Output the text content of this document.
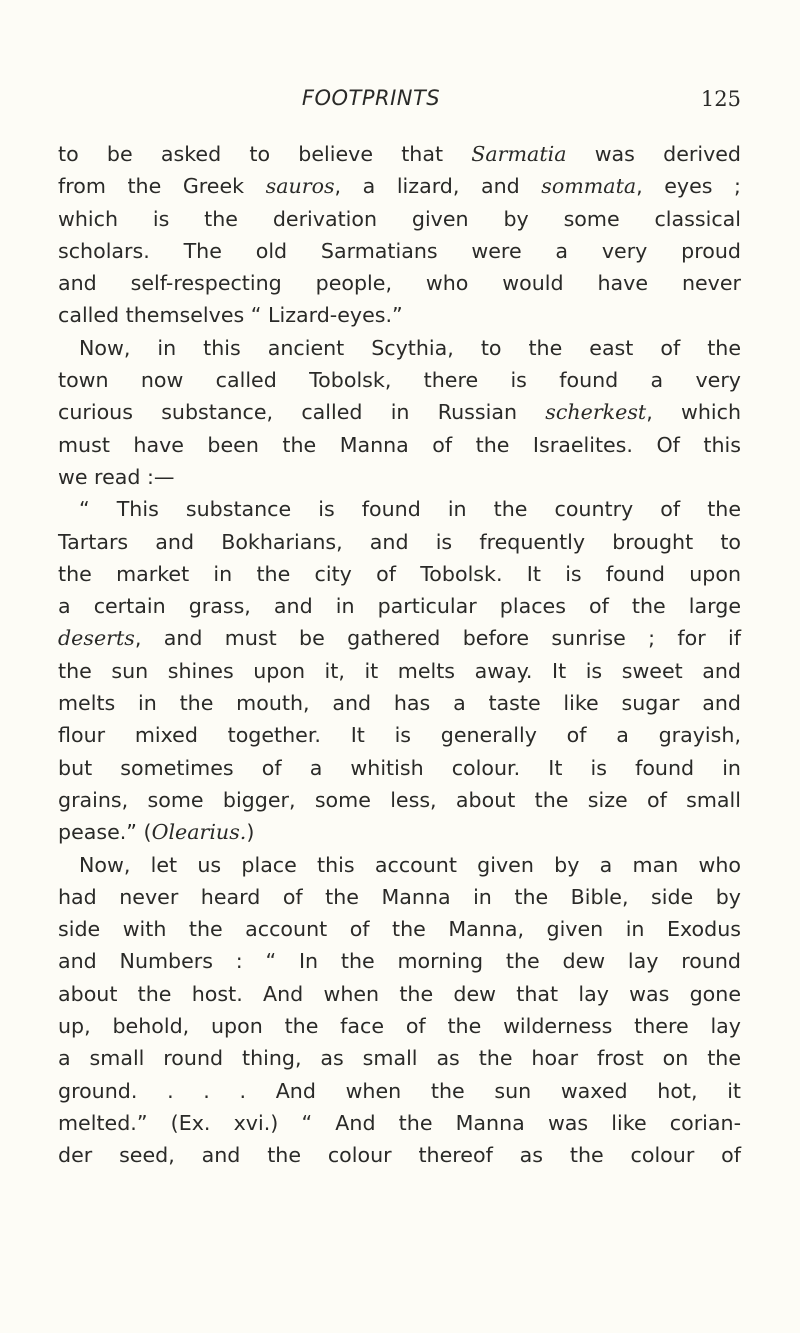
FOOTPRINTS	125
to be asked to believe that Sarmatia was derived
from the Greek sauros, a lizard, and sommata, eyes ;
which is the derivation given by some classical
scholars. The old Sarmatians were a very proud
and self-respecting people, who would have never
called themselves “ Lizard-eyes.”
Now, in this ancient Scythia, to the east of the
town now called Tobolsk, there is found a very
curious substance, called in Russian scherkest, which
must have been the Manna of the Israelites. Of this
we read :—
“ This substance is found in the country of the
Tartars and Bokharians, and is frequently brought to
the market in the city of Tobolsk. It is found upon
a certain grass, and in particular places of the large
deserts, and must be gathered before sunrise ; for if
the sun shines upon it, it melts away. It is sweet and
melts in the mouth, and has a taste like sugar and
flour mixed together. It is generally of a grayish,
but sometimes of a whitish colour. It is found in
grains, some bigger, some less, about the size of small
pease.” (Olearius.)
Now, let us place this account given by a man who
had never heard of the Manna in the Bible, side by
side with the account of the Manna, given in Exodus
and Numbers : “ In the morning the dew lay round
about the host. And when the dew that lay was gone
up, behold, upon the face of the wilderness there lay
a small round thing, as small as the hoar frost on the
ground. . . . And when the sun waxed hot, it
melted.” (Ex. xvi.) “ And the Manna was like corian-
der seed, and the colour thereof as the colour of
